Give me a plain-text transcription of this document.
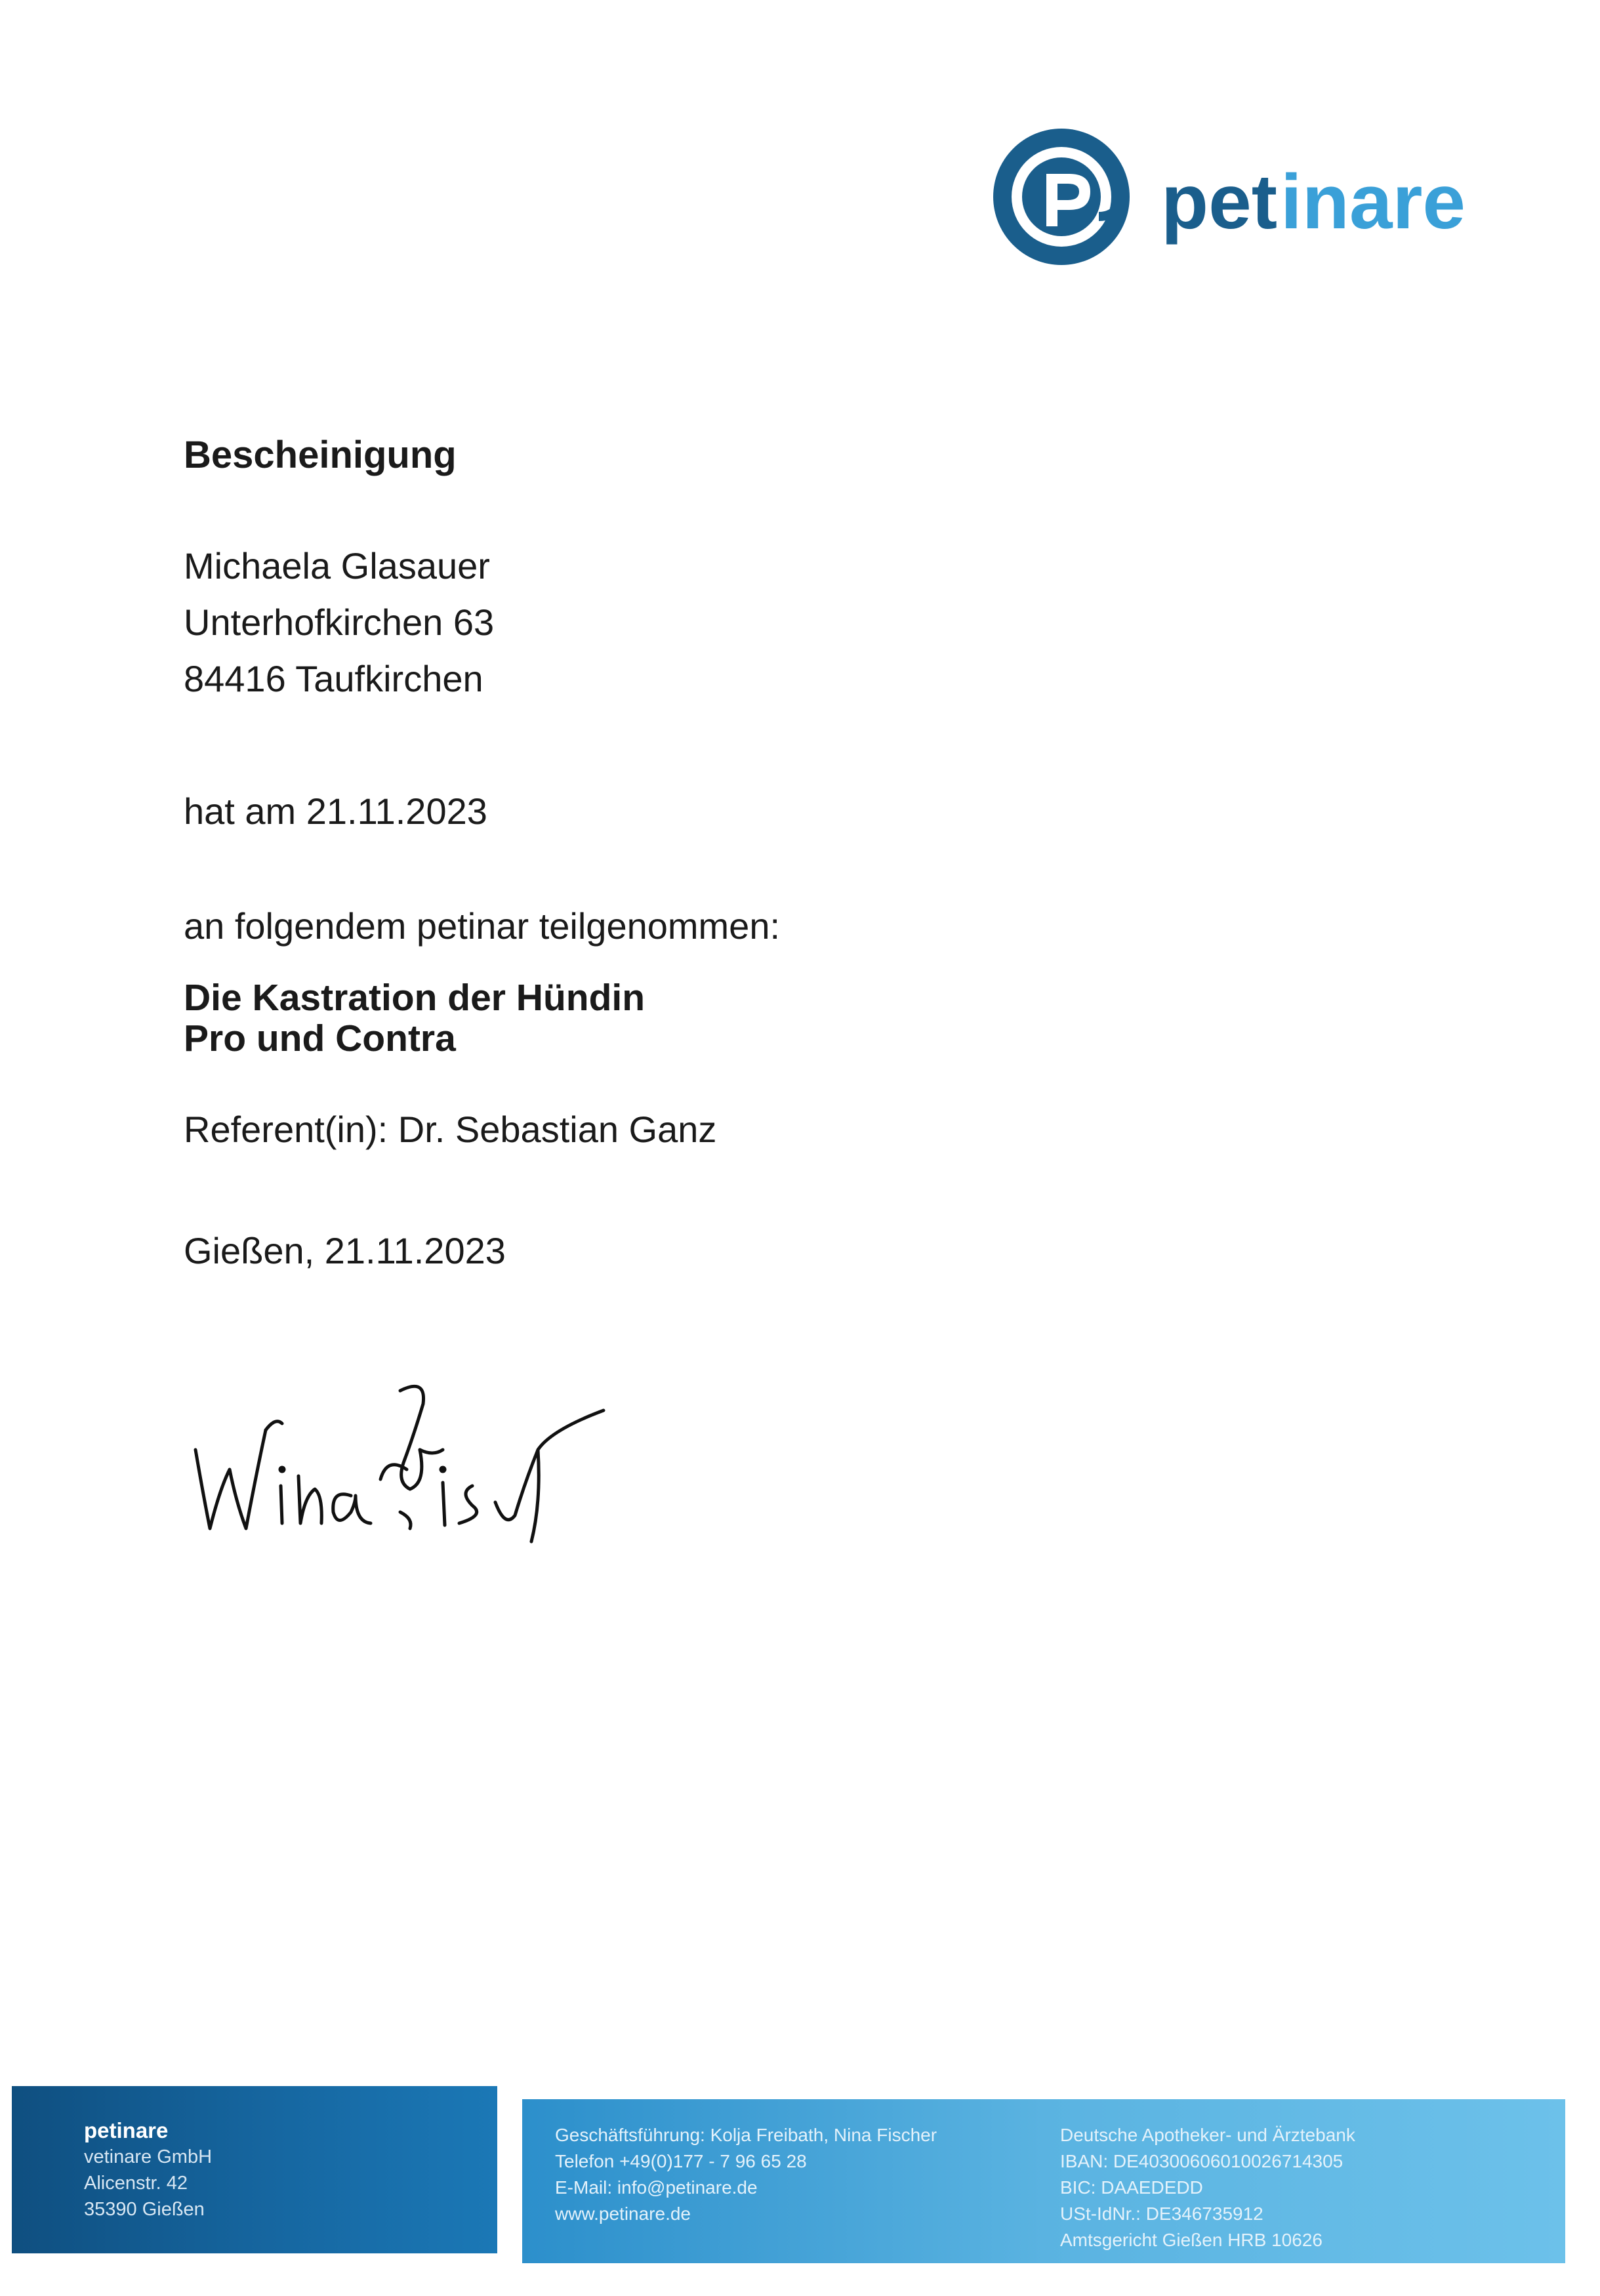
pet inare
Bescheinigung
Michaela Glasauer
Unterhofkirchen 63
84416 Taufkirchen
hat am 21.11.2023
an folgendem petinar teilgenommen:
Die Kastration der Hündin
Pro und Contra
Referent(in): Dr. Sebastian Ganz
Gießen, 21.11.2023
petinare
vetinare GmbH
Alicenstr. 42
35390 Gießen
Geschäftsführung: Kolja Freibath, Nina Fischer
Telefon +49(0)177 - 7 96 65 28
E-Mail: info@petinare.de
www.petinare.de
Deutsche Apotheker- und Ärztebank
IBAN: DE40300606010026714305
BIC: DAAEDEDD
USt-IdNr.: DE346735912
Amtsgericht Gießen HRB 10626
